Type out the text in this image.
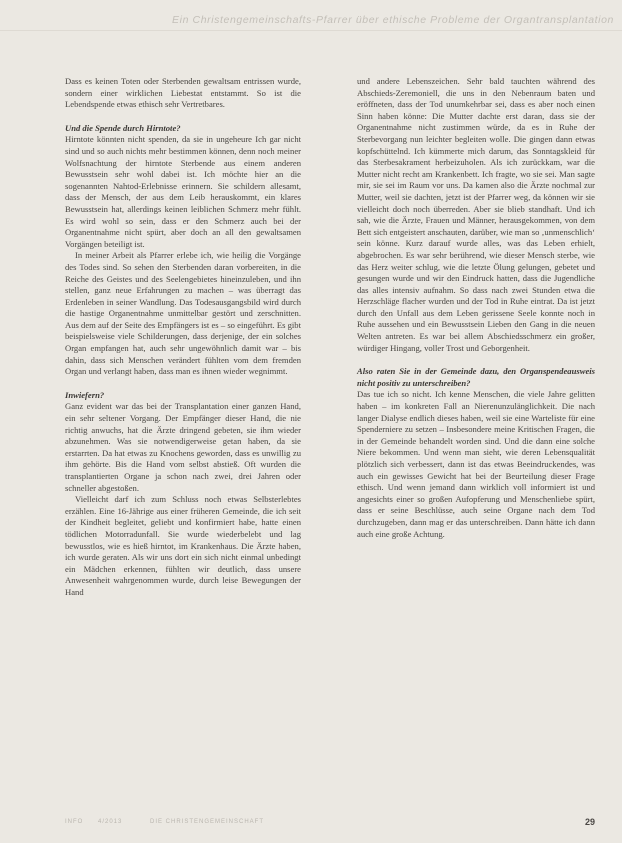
Ein Christengemeinschafts-Pfarrer über ethische Probleme der Organtransplantation

Dass es keinen Toten oder Sterbenden gewaltsam entrissen wurde, sondern einer wirklichen Liebestat entstammt. So ist die Lebendspende etwas ethisch sehr Vertretbares.

Und die Spende durch Hirntote?

Hirntote könnten nicht spenden, da sie in ungeheure Ich gar nicht sind und so auch nichts mehr bestimmen können, denn noch meiner Wolfsnachtung der hirntote Sterbende aus einem anderen Bewusstsein sehr wohl dabei ist. Ich möchte hier an die sogenannten Nahtod-Erlebnisse erinnern. Sie schildern allesamt, dass der Mensch, der aus dem Leib herauskommt, ein klares Bewusstsein hat, allerdings keinen leiblichen Schmerz mehr fühlt. Es wird wohl so sein, dass er den Schmerz auch bei der Organentnahme nicht spürt, aber doch an all den gewaltsamen Vorgängen beteiligt ist.

In meiner Arbeit als Pfarrer erlebe ich, wie heilig die Vorgänge des Todes sind. So sehen den Sterbenden daran vorbereiten, in die Reiche des Geistes und des Seelengebietes hineinzuleben, und ihn stellen, ganz neue Erfahrungen zu machen – was überragt das Erdenleben in seiner Wandlung. Das Todesausgangsbild wird durch die hastige Organentnahme unmittelbar gestört und zerschnitten. Aus dem auf der Seite des Empfängers ist es – so eingeführt. Es gibt beispielsweise viele Schilderungen, dass derjenige, der ein solches Organ empfangen hat, auch sehr ungewöhnlich damit war – bis dahin, dass sich Menschen verändert fühlten vom dem fremden Organ und verlangt haben, dass man es ihnen wieder wegnimmt.

Inwiefern?

Ganz evident war das bei der Transplantation einer ganzen Hand, ein sehr seltener Vorgang. Der Empfänger dieser Hand, die nie richtig anwuchs, hat die Ärzte dringend gebeten, sie ihm wieder abzunehmen. Was sie notwendigerweise getan haben, da sie erstarrten. Da hat etwas zu Knochens geworden, dass es unwillig zu ihm gehörte. Bis die Hand vom selbst abstieß. Oft wurden die transplantierten Organe ja schon nach zwei, drei Jahren oder schneller abgestoßen.

Vielleicht darf ich zum Schluss noch etwas Selbsterlebtes erzählen. Eine 16-Jährige aus einer früheren Gemeinde, die ich seit der Kindheit begleitet, geliebt und konfirmiert habe, hatte einen tödlichen Motorradunfall. Sie wurde wiederbelebt und lag bewusstlos, wie es hieß hirntot, im Krankenhaus. Die Ärzte haben, ich wurde geraten. Als wir uns dort ein sich nicht einmal unbedingt ein Mädchen erkennen, fühlten wir deutlich, dass unsere Anwesenheit wahrgenommen wurde, durch leise Bewegungen der Hand

und andere Lebenszeichen. Sehr bald tauchten während des Abschieds-Zeremoniell, die uns in den Nebenraum baten und eröffneten, dass der Tod unumkehrbar sei, dass es aber noch einen Sinn haben könne: Die Mutter dachte erst daran, dass sie der Organentnahme nicht zustimmen würde, da es in Ruhe der Sterbevorgang nun leichter begleiten wolle. Die gingen dann etwas kopfschüttelnd. Ich kümmerte mich darum, das Sonntagskleid für das Sterbesakrament herbeizuholen. Als ich zurückkam, war die Mutter nicht recht am Krankenbett. Ich fragte, wo sie sei. Man sagte mir, sie sei im Raum vor uns. Da kamen also die Ärzte nochmal zur Mutter, weil sie dachten, jetzt ist der Pfarrer weg, da können wir sie vielleicht doch noch überreden. Aber sie blieb standhaft. Und ich sah, wie die Ärzte, Frauen und Männer, herausgekommen, von dem Bett sich entgeistert anschauten, darüber, wie man so ‚unmenschlich‘ sein könne. Kurz darauf wurde alles, was das Leben erhielt, abgebrochen. Es war sehr berührend, wie dieser Mensch sterbe, wie das Herz weiter schlug, wie die letzte Ölung gelungen, gebetet und gesungen wurde und wir den Eindruck hatten, dass die Jugendliche das alles intensiv aufnahm. So dass nach zwei Stunden etwa die Herzschläge flacher wurden und der Tod in Ruhe eintrat. Da ist jetzt durch den Unfall aus dem Leben gerissene Seele konnte noch in Ruhe aussehen und ein Bewusstsein Lieben den Gang in die neuen Welten antreten. Es war bei allem Abschiedsschmerz ein großer, würdiger Hingang, voller Trost und Geborgenheit.

Also raten Sie in der Gemeinde dazu, den Organspendeausweis nicht positiv zu unterschreiben?

Das tue ich so nicht. Ich kenne Menschen, die viele Jahre gelitten haben – im konkreten Fall an Nierenunzulänglichkeit. Die nach langer Dialyse endlich dieses haben, weil sie eine Warteliste für eine Spenderniere zu setzen – Insbesondere meine Kritischen Fragen, die in der Gemeinde behandelt worden sind. Und die dann eine solche Niere bekommen. Und wenn man sieht, wie deren Lebensqualität plötzlich sich verbessert, dann ist das etwas Beeindruckendes, was auch ein gewisses Gewicht hat bei der Beurteilung dieser Frage ethisch. Und wenn jemand dann wirklich voll informiert ist und angesichts einer so großen Aufopferung und Menschenliebe spürt, dass er seine Beschlüsse, auch seine Organe nach dem Tod durchzugeben, dann mag er das unterschreiben. Dann hätte ich dann auch eine große Achtung.

INFO 4/2013	DIE CHRISTENGEMEINSCHAFT	29
